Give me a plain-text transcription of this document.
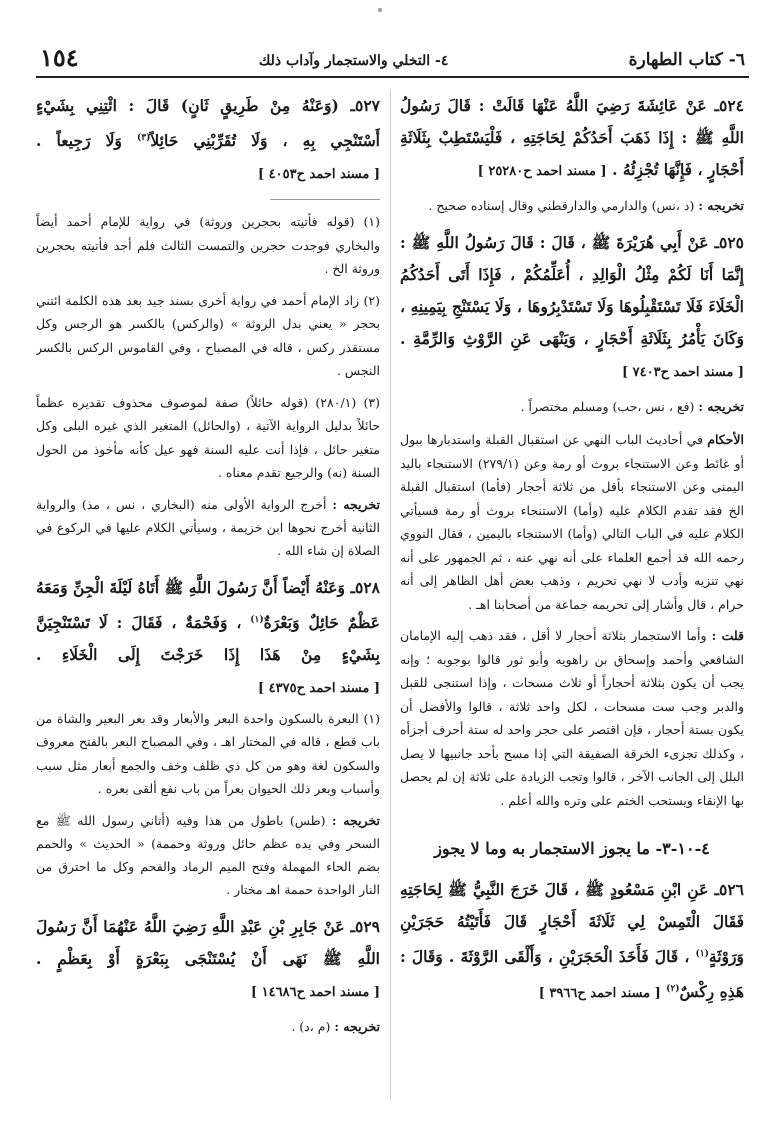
١٥٤	٤- التخلي والاستجمار وآداب ذلك	٦- كتاب الطهارة

٥٢٤ـ عَنْ عَائِشَةَ رَضِيَ اللَّهُ عَنْهَا قَالَتْ : قَالَ رَسُولُ اللَّهِ ﷺ : إِذَا ذَهَبَ أَحَدُكُمْ لِحَاجَتِهِ ، فَلْيَسْتَطِبْ بِثَلَاثَةِ أَحْجَارٍ ، فَإِنَّهَا تُجْزِئُهُ . [ مسند احمد ح٢٥٢٨٠ ]

تخريجه : (د ،نس) والدارمي والدارقطني وقال إسناده صحيح .

٥٢٥ـ عَنْ أَبِي هُرَيْرَةَ ﷺ ، قَالَ : قَالَ رَسُولُ اللَّهِ ﷺ : إِنَّمَا أَنَا لَكُمْ مِثْلُ الْوَالِدِ ، أُعَلِّمُكُمْ ، فَإِذَا أَتَى أَحَدُكُمُ الْخَلَاءَ فَلَا تَسْتَقْبِلُوهَا وَلَا تَسْتَدْبِرُوهَا ، وَلَا يَسْتَنْجِ بِيَمِينِهِ ، وَكَانَ يَأْمُرُ بِثَلَاثَةِ أَحْجَارٍ ، وَيَنْهَى عَنِ الرَّوْثِ وَالرِّمَّةِ . [ مسند احمد ح٧٤٠٣ ]

تخريجه : (فع ، نس ،حب) ومسلم مختصراً .

الأحكام في أحاديث الباب النهي عن استقبال القبلة واستدبارها ببول أو غائط وعن الاستنجاء بروث أو رمة وعن (٢٧٩/١) الاستنجاء باليد اليمنى وعن الاستنجاء بأقل من ثلاثة أحجار (فأما) استقبال القبلة الخ فقد تقدم الكلام عليه (وأما) الاستنجاء بروث أو رمة فسيأتي الكلام عليه في الباب التالي (وأما) الاستنجاء باليمين ، فقال النووي رحمه الله قد أجمع العلماء على أنه نهي عنه ، ثم الجمهور على أنه نهي تنزيه وأدب لا نهي تحريم ، وذهب بعض أهل الظاهر إلى أنه حرام ، قال وأشار إلى تحريمه جماعة من أصحابنا اهـ .

قلت : وأما الاستجمار بثلاثة أحجار لا أقل ، فقد ذهب إليه الإمامان الشافعي وأحمد وإسحاق بن راهويه وأبو ثور قالوا بوجوبه ؛ وإنه يجب أن يكون بثلاثة أحجاراً أو ثلاث مسحات ، وإذا استنجى للقبل والدبر وجب ست مسحات ، لكل واحد ثلاثة ، قالوا والأفضل أن يكون بستة أحجار ، فإن اقتصر على حجر واحد له ستة أحرف أجزأه ، وكذلك تجزىء الخرقة الصفيقة التي إذا مسح بأحد جانبيها لا يصل البلل إلى الجانب الآخر ، قالوا وتجب الزيادة على ثلاثة إن لم يحصل بها الإنقاء ويستحب الختم على وتره والله أعلم .

٤-١٠-٣- ما يجوز الاستجمار به وما لا يجوز

٥٢٦ـ عَنِ ابْنِ مَسْعُودٍ ﷺ ، قَالَ خَرَجَ النَّبِيُّ ﷺ لِحَاجَتِهِ فَقَالَ الْتَمِسْ لِي ثَلَاثَةَ أَحْجَارٍ قَالَ فَأَتَيْتُهُ حَجَرَيْنِ وَرَوْثَةٍ$^{(١)}$ ، قَالَ فَأَخَذَ الْحَجَرَيْنِ ، وَأَلْقَى الرَّوْثَةَ . وَقَالَ : هَذِهِ رِكْسٌ$^{(٢)}$ [ مسند احمد ح٣٩٦٦ ]

٥٢٧ـ (وَعَنْهُ مِنْ طَرِيقٍ ثَانٍ) قَالَ : ائْتِنِي بِشَيْءٍ أَسْتَنْجِي بِهِ ، وَلَا تُقَرِّبْنِي حَائِلاً$^{(٣)}$ وَلَا رَجِيعاً . [ مسند احمد ح٤٠٥٣ ]

(١) (قوله فأتيته بحجرين وروثة) في رواية للإمام أحمد أيضاً والبخاري فوجدت حجرين والتمست الثالث فلم أجد فأتيته بحجرين وروثة الخ .

(٢) زاد الإمام أحمد في رواية أخرى بسند جيد بعد هذه الكلمة ائتني بحجر « يعني بدل الروثة » (والركس) بالكسر هو الرجس وكل مستقذر ركس ، قاله في المصباح ، وفي القاموس الركس بالكسر النجس .

(٣) (٢٨٠/١) (قوله حائلاً) صفة لموصوف محذوف تقديره عظماً حائلاً بدليل الرواية الآتية ، (والحائل) المتغير الذي غيره البلى وكل متغير حائل ، فإذا أنت عليه السنة فهو عيل كأنه مأخوذ من الحول السنة (نه) والرجيع تقدم معناه .

تخريجه : أخرج الرواية الأولى منه (البخاري ، نس ، مذ) والرواية الثانية أخرج نحوها ابن خزيمة ، وسيأتي الكلام عليها في الركوع في الصلاة إن شاء الله .

٥٢٨ـ وَعَنْهُ أَيْضاً أَنَّ رَسُولَ اللَّهِ ﷺ أَتَاهُ لَيْلَةَ الْجِنِّ وَمَعَهُ عَظْمٌ حَائِلٌ وَبَعْرَةٌ$^{(١)}$ ، وَفَحْمَةٌ ، فَقَالَ : لَا تَسْتَنْجِيَنَّ بِشَيْءٍ مِنْ هَذَا إِذَا خَرَجْتَ إِلَى الْخَلَاءِ . [ مسند احمد ح٤٣٧٥ ]

(١) البعرة بالسكون واحدة البعر والأبعار وقد بعر البعير والشاة من باب قطع ، قاله في المختار اهـ ، وفي المصباح البعر بالفتح معروف والسكون لغة وهو من كل ذي ظلف وخف والجمع أبعار مثل سبب وأسباب وبعر ذلك الحيوان بعراً من باب نفع ألقى بعره .

تخريجه : (طس) باطول من هذا وفيه (أتاني رسول الله ﷺ مع السحر وفي يده عظم حائل وروثة وحممة) « الحديث » والحمم بضم الحاء المهملة وفتح الميم الرماد والفحم وكل ما احترق من النار الواحدة حممة اهـ مختار .

٥٢٩ـ عَنْ جَابِرِ بْنِ عَبْدِ اللَّهِ رَضِيَ اللَّهُ عَنْهُمَا أَنَّ رَسُولَ اللَّهِ ﷺ نَهَى أَنْ يُسْتَنْجَى بِبَعْرَةٍ أَوْ بِعَظْمٍ . [ مسند احمد ح١٤٦٨٦ ]

تخريجه : (م ،د) .
